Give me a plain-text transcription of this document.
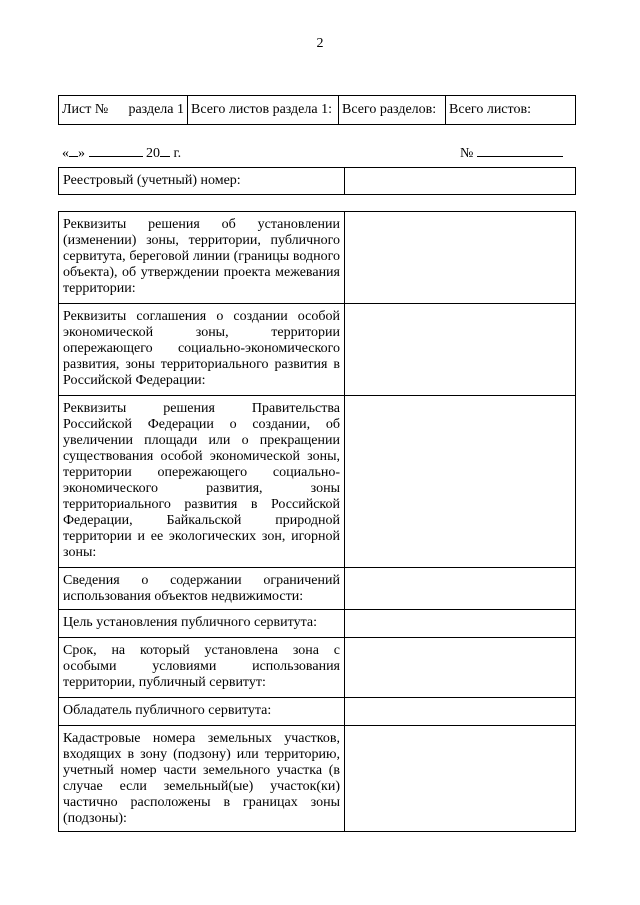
2
Лист № раздела 1	Всего листов раздела 1:	Всего разделов:	Всего листов:
« »	20 г.	№
Реестровый (учетный) номер:	
Реквизиты решения об установлении (изменении) зоны, территории, публичного сервитута, береговой линии (границы водного объекта), об утверждении проекта межевания территории:	
Реквизиты соглашения о создании особой экономической зоны, территории опережающего социально-экономического развития, зоны территориального развития в Российской Федерации:	
Реквизиты решения Правительства Российской Федерации о создании, об увеличении площади или о прекращении существования особой экономической зоны, территории опережающего социально-экономического развития, зоны территориального развития в Российской Федерации, Байкальской природной территории и ее экологических зон, игорной зоны:	
Сведения о содержании ограничений использования объектов недвижимости:	
Цель установления публичного сервитута:	
Срок, на который установлена зона с особыми условиями использования территории, публичный сервитут:	
Обладатель публичного сервитута:	
Кадастровые номера земельных участков, входящих в зону (подзону) или территорию, учетный номер части земельного участка (в случае если земельный(ые) участок(ки) частично расположены в границах зоны (подзоны):	
